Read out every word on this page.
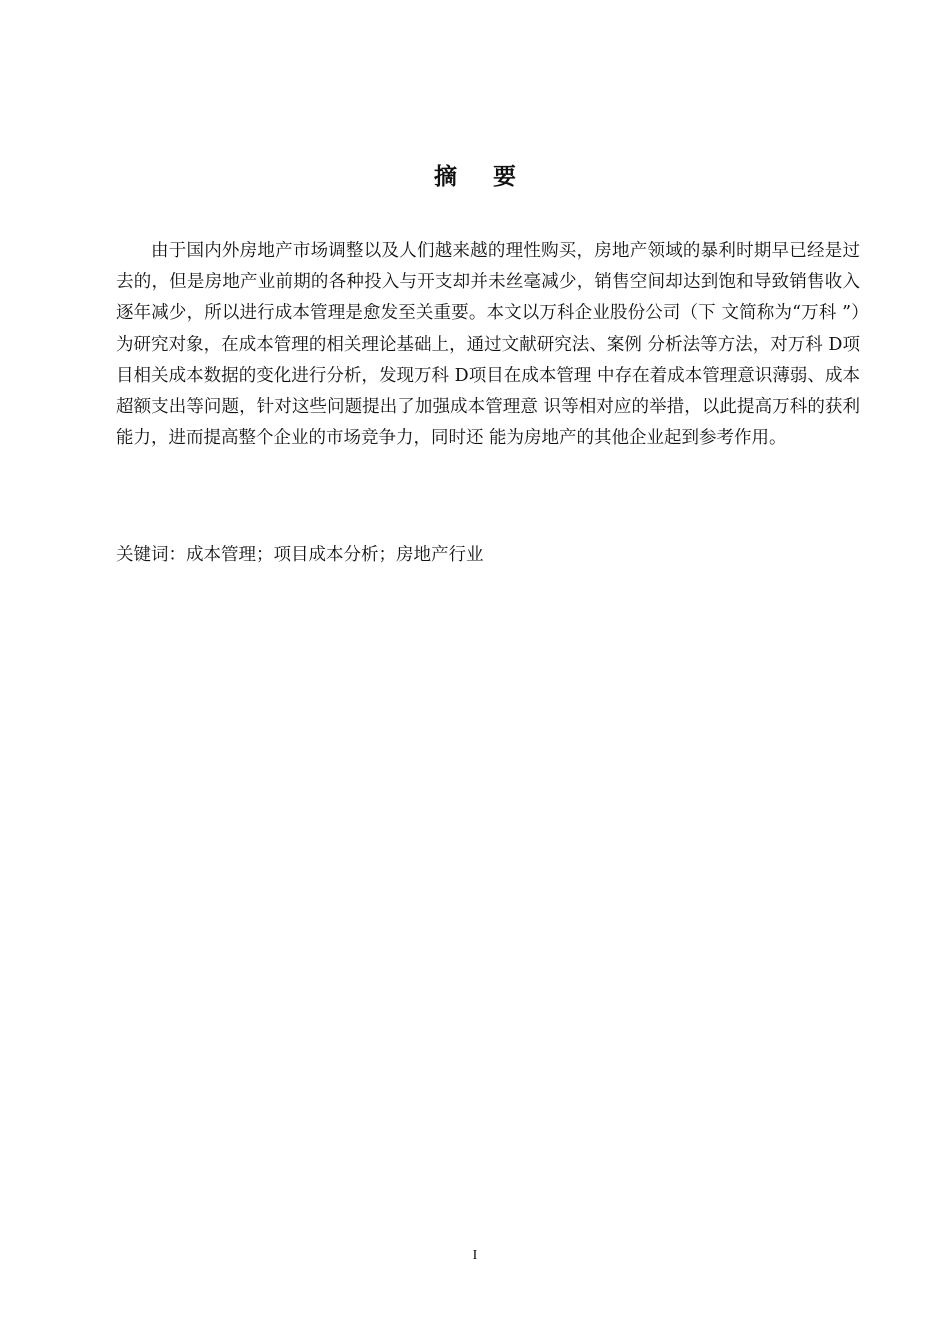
摘 要

由于国内外房地产市场调整以及人们越来越的理性购买，房地产领域的暴利时期早已经是过去的，但是房地产业前期的各种投入与开支却并未丝毫减少，销售空间却达到饱和导致销售收入逐年减少，所以进行成本管理是愈发至关重要。本文以万科企业股份公司（下 文简称为“万科 ”）为研究对象，在成本管理的相关理论基础上，通过文献研究法、案例 分析法等方法，对万科 D项目相关成本数据的变化进行分析，发现万科 D项目在成本管理 中存在着成本管理意识薄弱、成本超额支出等问题，针对这些问题提出了加强成本管理意 识等相对应的举措，以此提高万科的获利能力，进而提高整个企业的市场竞争力，同时还 能为房地产的其他企业起到参考作用。

关键词：成本管理；项目成本分析；房地产行业
I
